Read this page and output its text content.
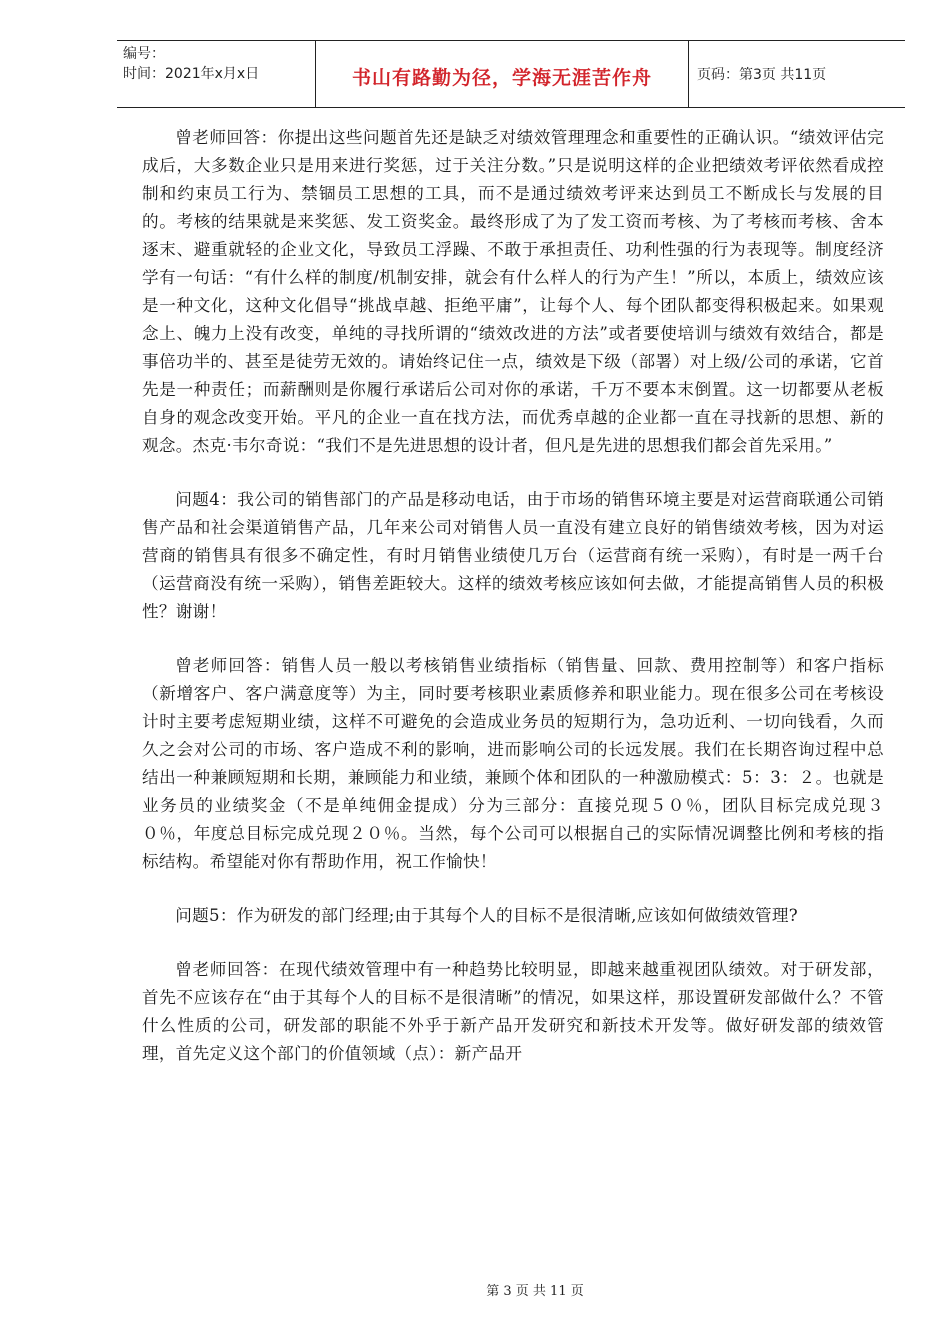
编号：
时间：2021年x月x日	书山有路勤为径，学海无涯苦作舟	页码：第3页 共11页

曾老师回答：你提出这些问题首先还是缺乏对绩效管理理念和重要性的正确认识。“绩效评估完成后，大多数企业只是用来进行奖惩，过于关注分数。”只是说明这样的企业把绩效考评依然看成控制和约束员工行为、禁锢员工思想的工具，而不是通过绩效考评来达到员工不断成长与发展的目的。考核的结果就是来奖惩、发工资奖金。最终形成了为了发工资而考核、为了考核而考核、舍本逐末、避重就轻的企业文化，导致员工浮躁、不敢于承担责任、功利性强的行为表现等。制度经济学有一句话：“有什么样的制度/机制安排，就会有什么样人的行为产生！”所以，本质上，绩效应该是一种文化，这种文化倡导“挑战卓越、拒绝平庸”，让每个人、每个团队都变得积极起来。如果观念上、魄力上没有改变，单纯的寻找所谓的“绩效改进的方法”或者要使培训与绩效有效结合，都是事倍功半的、甚至是徒劳无效的。请始终记住一点，绩效是下级（部署）对上级/公司的承诺，它首先是一种责任；而薪酬则是你履行承诺后公司对你的承诺，千万不要本末倒置。这一切都要从老板自身的观念改变开始。平凡的企业一直在找方法，而优秀卓越的企业都一直在寻找新的思想、新的观念。杰克·韦尔奇说：“我们不是先进思想的设计者，但凡是先进的思想我们都会首先采用。”

问题4：我公司的销售部门的产品是移动电话，由于市场的销售环境主要是对运营商联通公司销售产品和社会渠道销售产品，几年来公司对销售人员一直没有建立良好的销售绩效考核，因为对运营商的销售具有很多不确定性，有时月销售业绩使几万台（运营商有统一采购），有时是一两千台（运营商没有统一采购），销售差距较大。这样的绩效考核应该如何去做，才能提高销售人员的积极性？谢谢！

曾老师回答：销售人员一般以考核销售业绩指标（销售量、回款、费用控制等）和客户指标（新增客户、客户满意度等）为主，同时要考核职业素质修养和职业能力。现在很多公司在考核设计时主要考虑短期业绩，这样不可避免的会造成业务员的短期行为，急功近利、一切向钱看，久而久之会对公司的市场、客户造成不利的影响，进而影响公司的长远发展。我们在长期咨询过程中总结出一种兼顾短期和长期，兼顾能力和业绩，兼顾个体和团队的一种激励模式：5：3：２。也就是业务员的业绩奖金（不是单纯佣金提成）分为三部分：直接兑现５０％，团队目标完成兑现３０％，年度总目标完成兑现２０％。当然，每个公司可以根据自己的实际情况调整比例和考核的指标结构。希望能对你有帮助作用，祝工作愉快！

问题5：作为研发的部门经理;由于其每个人的目标不是很清晰,应该如何做绩效管理?

曾老师回答：在现代绩效管理中有一种趋势比较明显，即越来越重视团队绩效。对于研发部，首先不应该存在“由于其每个人的目标不是很清晰”的情况，如果这样，那设置研发部做什么？不管什么性质的公司，研发部的职能不外乎于新产品开发研究和新技术开发等。做好研发部的绩效管理，首先定义这个部门的价值领域（点）：新产品开

第 3 页 共 11 页
